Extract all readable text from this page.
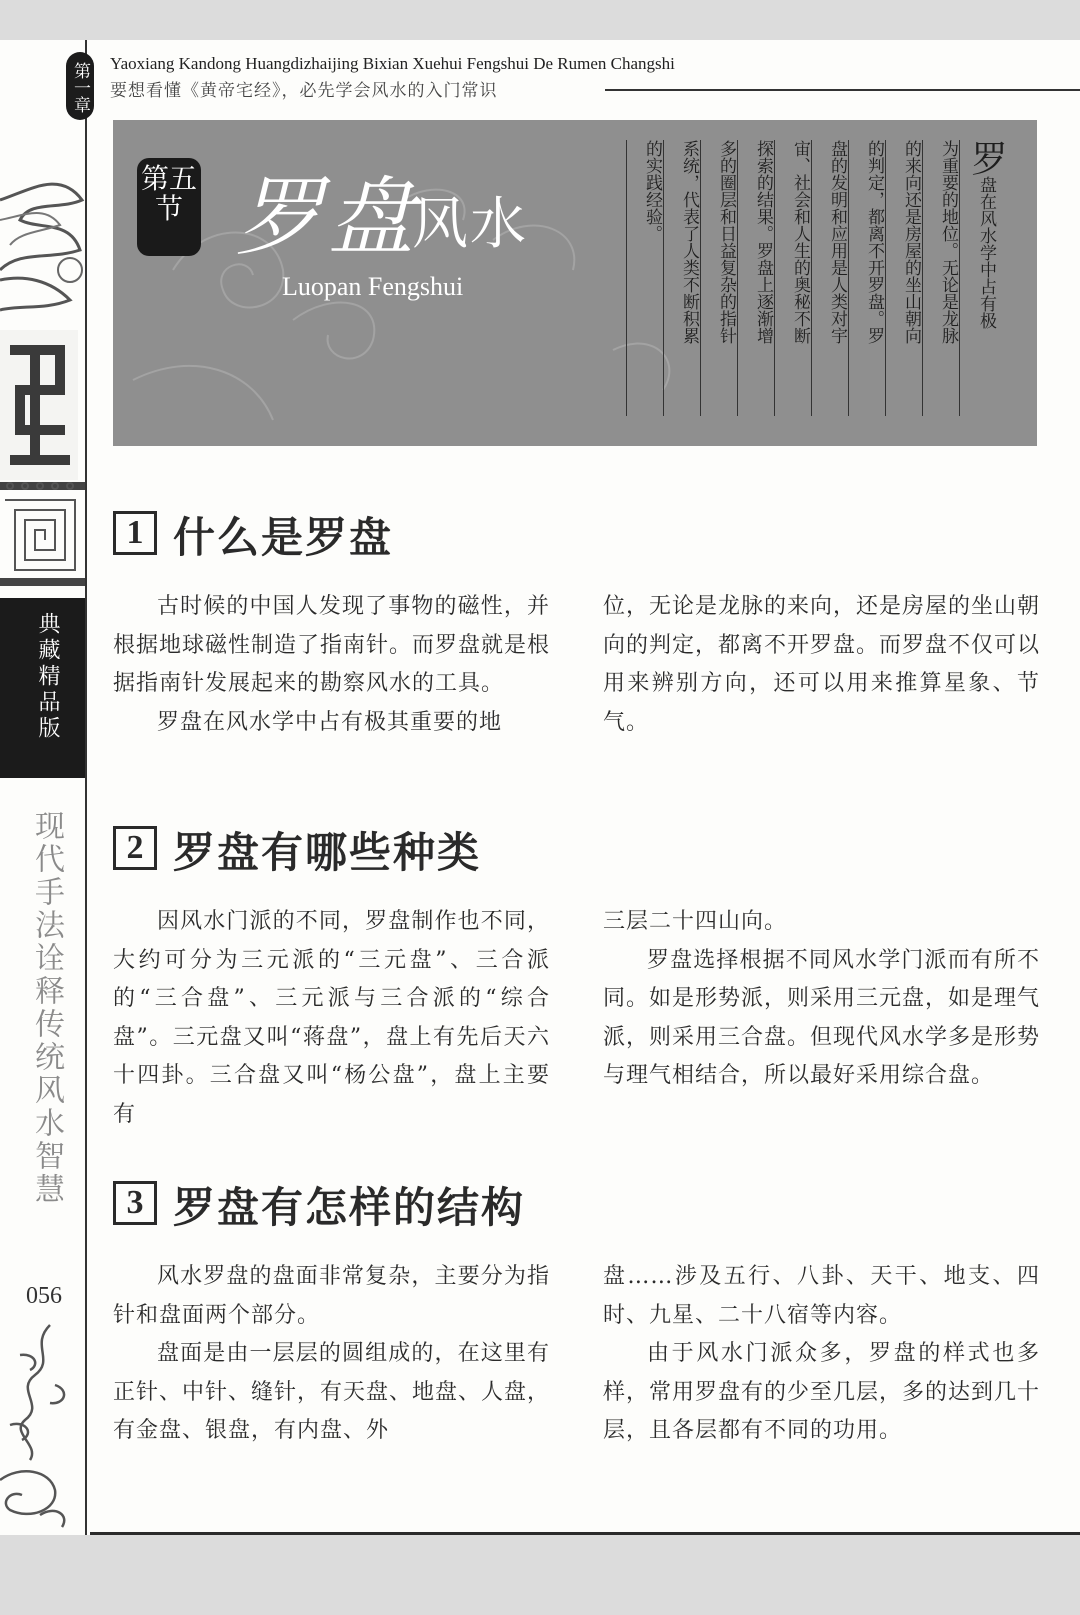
第一章
典藏精品版
现代手法诠释传统风水智慧
056
Yaoxiang Kandong Huangdizhaijing Bixian Xuehui Fengshui De Rumen Changshi
要想看懂《黄帝宅经》，必先学会风水的入门常识
第五节 罗盘
风水
Luopan Fengshui
罗盘在风水学中占有极
为重要的地位。无论是龙脉
的来向还是房屋的坐山朝向
的判定，都离不开罗盘。罗
盘的发明和应用是人类对宇
宙、社会和人生的奥秘不断
探索的结果。罗盘上逐渐增
多的圈层和日益复杂的指针
系统，代表了人类不断积累
的实践经验。
1 什么是罗盘

古时候的中国人发现了事物的磁性，并根据地球磁性制造了指南针。而罗盘就是根据指南针发展起来的勘察风水的工具。

罗盘在风水学中占有极其重要的地

位，无论是龙脉的来向，还是房屋的坐山朝向的判定，都离不开罗盘。而罗盘不仅可以用来辨别方向，还可以用来推算星象、节气。

2 罗盘有哪些种类

因风水门派的不同，罗盘制作也不同，大约可分为三元派的“三元盘”、三合派的“三合盘”、三元派与三合派的“综合盘”。三元盘又叫“蒋盘”，盘上有先后天六十四卦。三合盘又叫“杨公盘”，盘上主要有

三层二十四山向。

罗盘选择根据不同风水学门派而有所不同。如是形势派，则采用三元盘，如是理气派，则采用三合盘。但现代风水学多是形势与理气相结合，所以最好采用综合盘。

3 罗盘有怎样的结构

风水罗盘的盘面非常复杂，主要分为指针和盘面两个部分。

盘面是由一层层的圆组成的，在这里有正针、中针、缝针，有天盘、地盘、人盘，有金盘、银盘，有内盘、外

盘……涉及五行、八卦、天干、地支、四时、九星、二十八宿等内容。

由于风水门派众多，罗盘的样式也多样，常用罗盘有的少至几层，多的达到几十层，且各层都有不同的功用。
